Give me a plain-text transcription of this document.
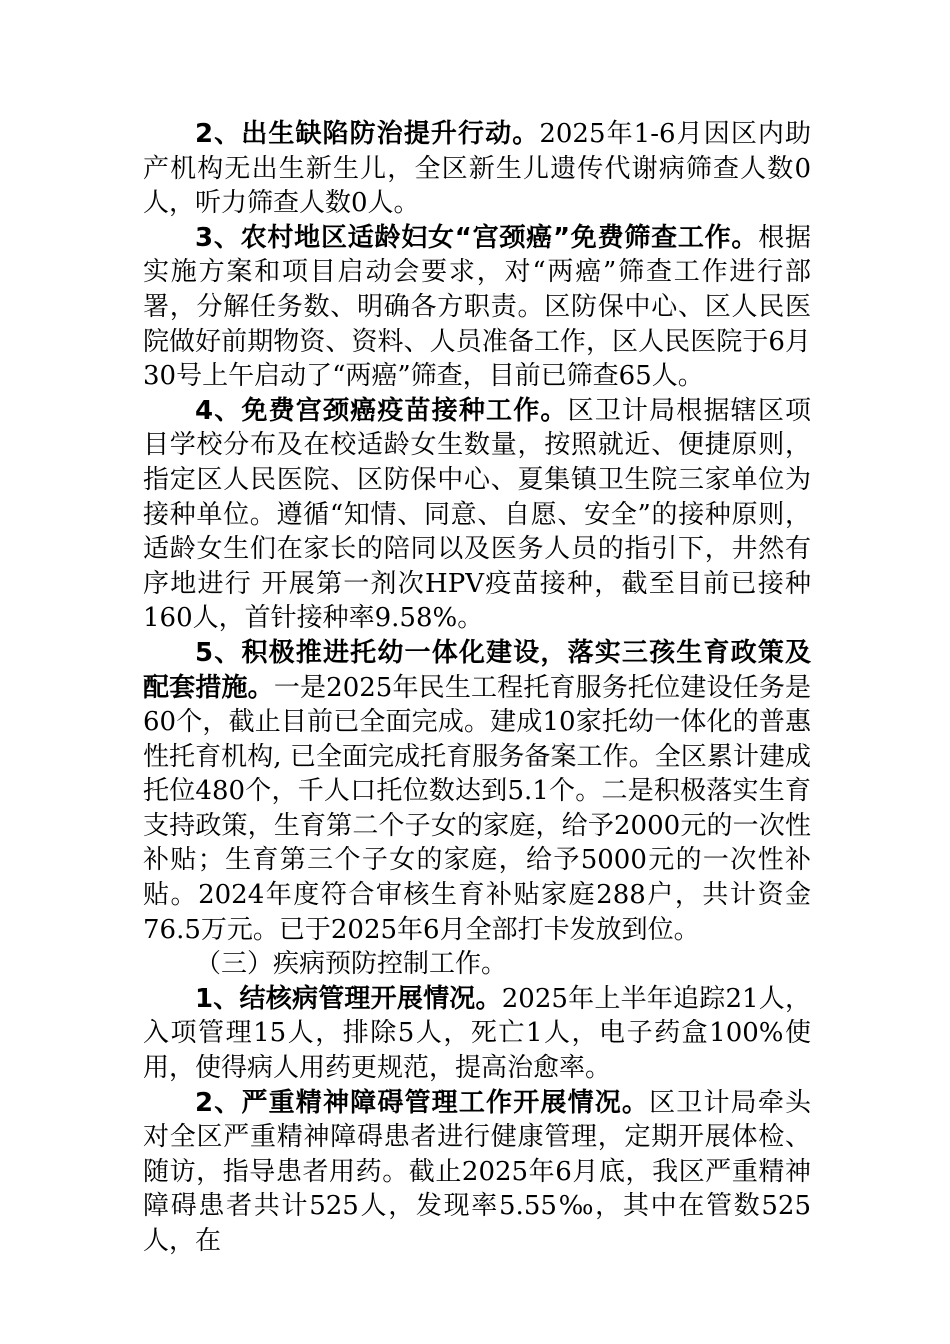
2、出生缺陷防治提升行动。2025年1-6月因区内助产机构无出生新生儿，全区新生儿遗传代谢病筛查人数0人，听力筛查人数0人。

3、农村地区适龄妇女“宫颈癌”免费筛查工作。根据实施方案和项目启动会要求，对“两癌”筛查工作进行部署，分解任务数、明确各方职责。区防保中心、区人民医院做好前期物资、资料、人员准备工作，区人民医院于6月30号上午启动了“两癌”筛查，目前已筛查65人。

4、免费宫颈癌疫苗接种工作。区卫计局根据辖区项目学校分布及在校适龄女生数量，按照就近、便捷原则，指定区人民医院、区防保中心、夏集镇卫生院三家单位为接种单位。遵循“知情、同意、自愿、安全”的接种原则，适龄女生们在家长的陪同以及医务人员的指引下，井然有序地进行 开展第一剂次HPV疫苗接种，截至目前已接种160人，首针接种率9.58%。

5、积极推进托幼一体化建设，落实三孩生育政策及配套措施。一是2025年民生工程托育服务托位建设任务是60个，截止目前已全面完成。建成10家托幼一体化的普惠性托育机构, 已全面完成托育服务备案工作。全区累计建成托位480个，千人口托位数达到5.1个。二是积极落实生育支持政策，生育第二个子女的家庭，给予2000元的一次性补贴；生育第三个子女的家庭，给予5000元的一次性补贴。2024年度符合审核生育补贴家庭288户，共计资金76.5万元。已于2025年6月全部打卡发放到位。

（三）疾病预防控制工作。

1、结核病管理开展情况。2025年上半年追踪21人，入项管理15人，排除5人，死亡1人，电子药盒100%使用，使得病人用药更规范，提高治愈率。

2、严重精神障碍管理工作开展情况。区卫计局牵头对全区严重精神障碍患者进行健康管理，定期开展体检、随访，指导患者用药。截止2025年6月底，我区严重精神障碍患者共计525人，发现率5.55‰，其中在管数525人，在
